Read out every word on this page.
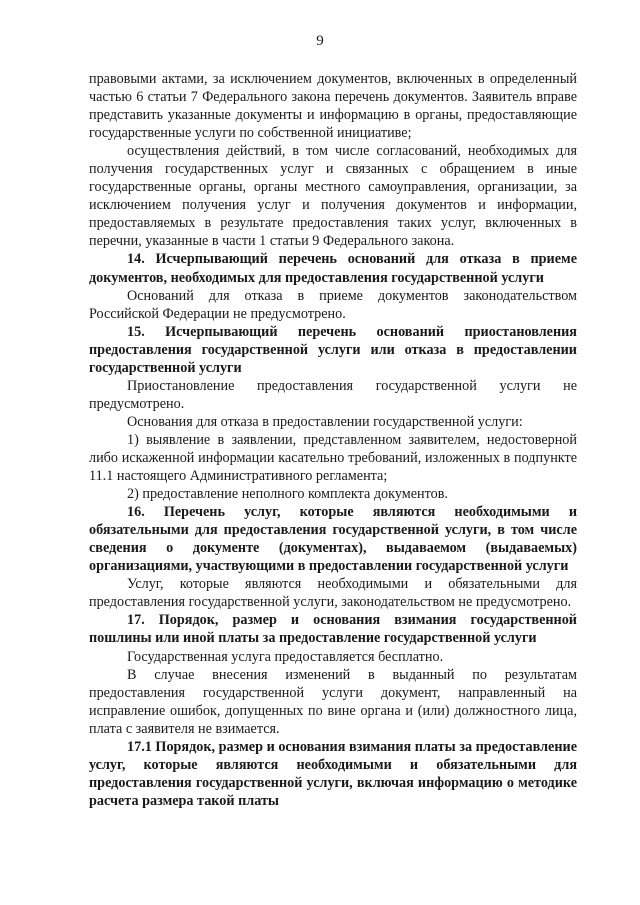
9

правовыми актами, за исключением документов, включенных в определенный частью 6 статьи 7 Федерального закона перечень документов. Заявитель вправе представить указанные документы и информацию в органы, предоставляющие государственные услуги по собственной инициативе;

осуществления действий, в том числе согласований, необходимых для получения государственных услуг и связанных с обращением в иные государственные органы, органы местного самоуправления, организации, за исключением получения услуг и получения документов и информации, предоставляемых в результате предоставления таких услуг, включенных в перечни, указанные в части 1 статьи 9 Федерального закона.

14. Исчерпывающий перечень оснований для отказа в приеме документов, необходимых для предоставления государственной услуги

Оснований для отказа в приеме документов законодательством Российской Федерации не предусмотрено.

15. Исчерпывающий перечень оснований приостановления предоставления государственной услуги или отказа в предоставлении государственной услуги

Приостановление предоставления государственной услуги не предусмотрено.

Основания для отказа в предоставлении государственной услуги:

1) выявление в заявлении, представленном заявителем, недостоверной либо искаженной информации касательно требований, изложенных в подпункте 11.1 настоящего Административного регламента;

2) предоставление неполного комплекта документов.

16. Перечень услуг, которые являются необходимыми и обязательными для предоставления государственной услуги, в том числе сведения о документе (документах), выдаваемом (выдаваемых) организациями, участвующими в предоставлении государственной услуги

Услуг, которые являются необходимыми и обязательными для предоставления государственной услуги, законодательством не предусмотрено.

17. Порядок, размер и основания взимания государственной пошлины или иной платы за предоставление государственной услуги

Государственная услуга предоставляется бесплатно.

В случае внесения изменений в выданный по результатам предоставления государственной услуги документ, направленный на исправление ошибок, допущенных по вине органа и (или) должностного лица, плата с заявителя не взимается.

17.1 Порядок, размер и основания взимания платы за предоставление услуг, которые являются необходимыми и обязательными для предоставления государственной услуги, включая информацию о методике расчета размера такой платы
